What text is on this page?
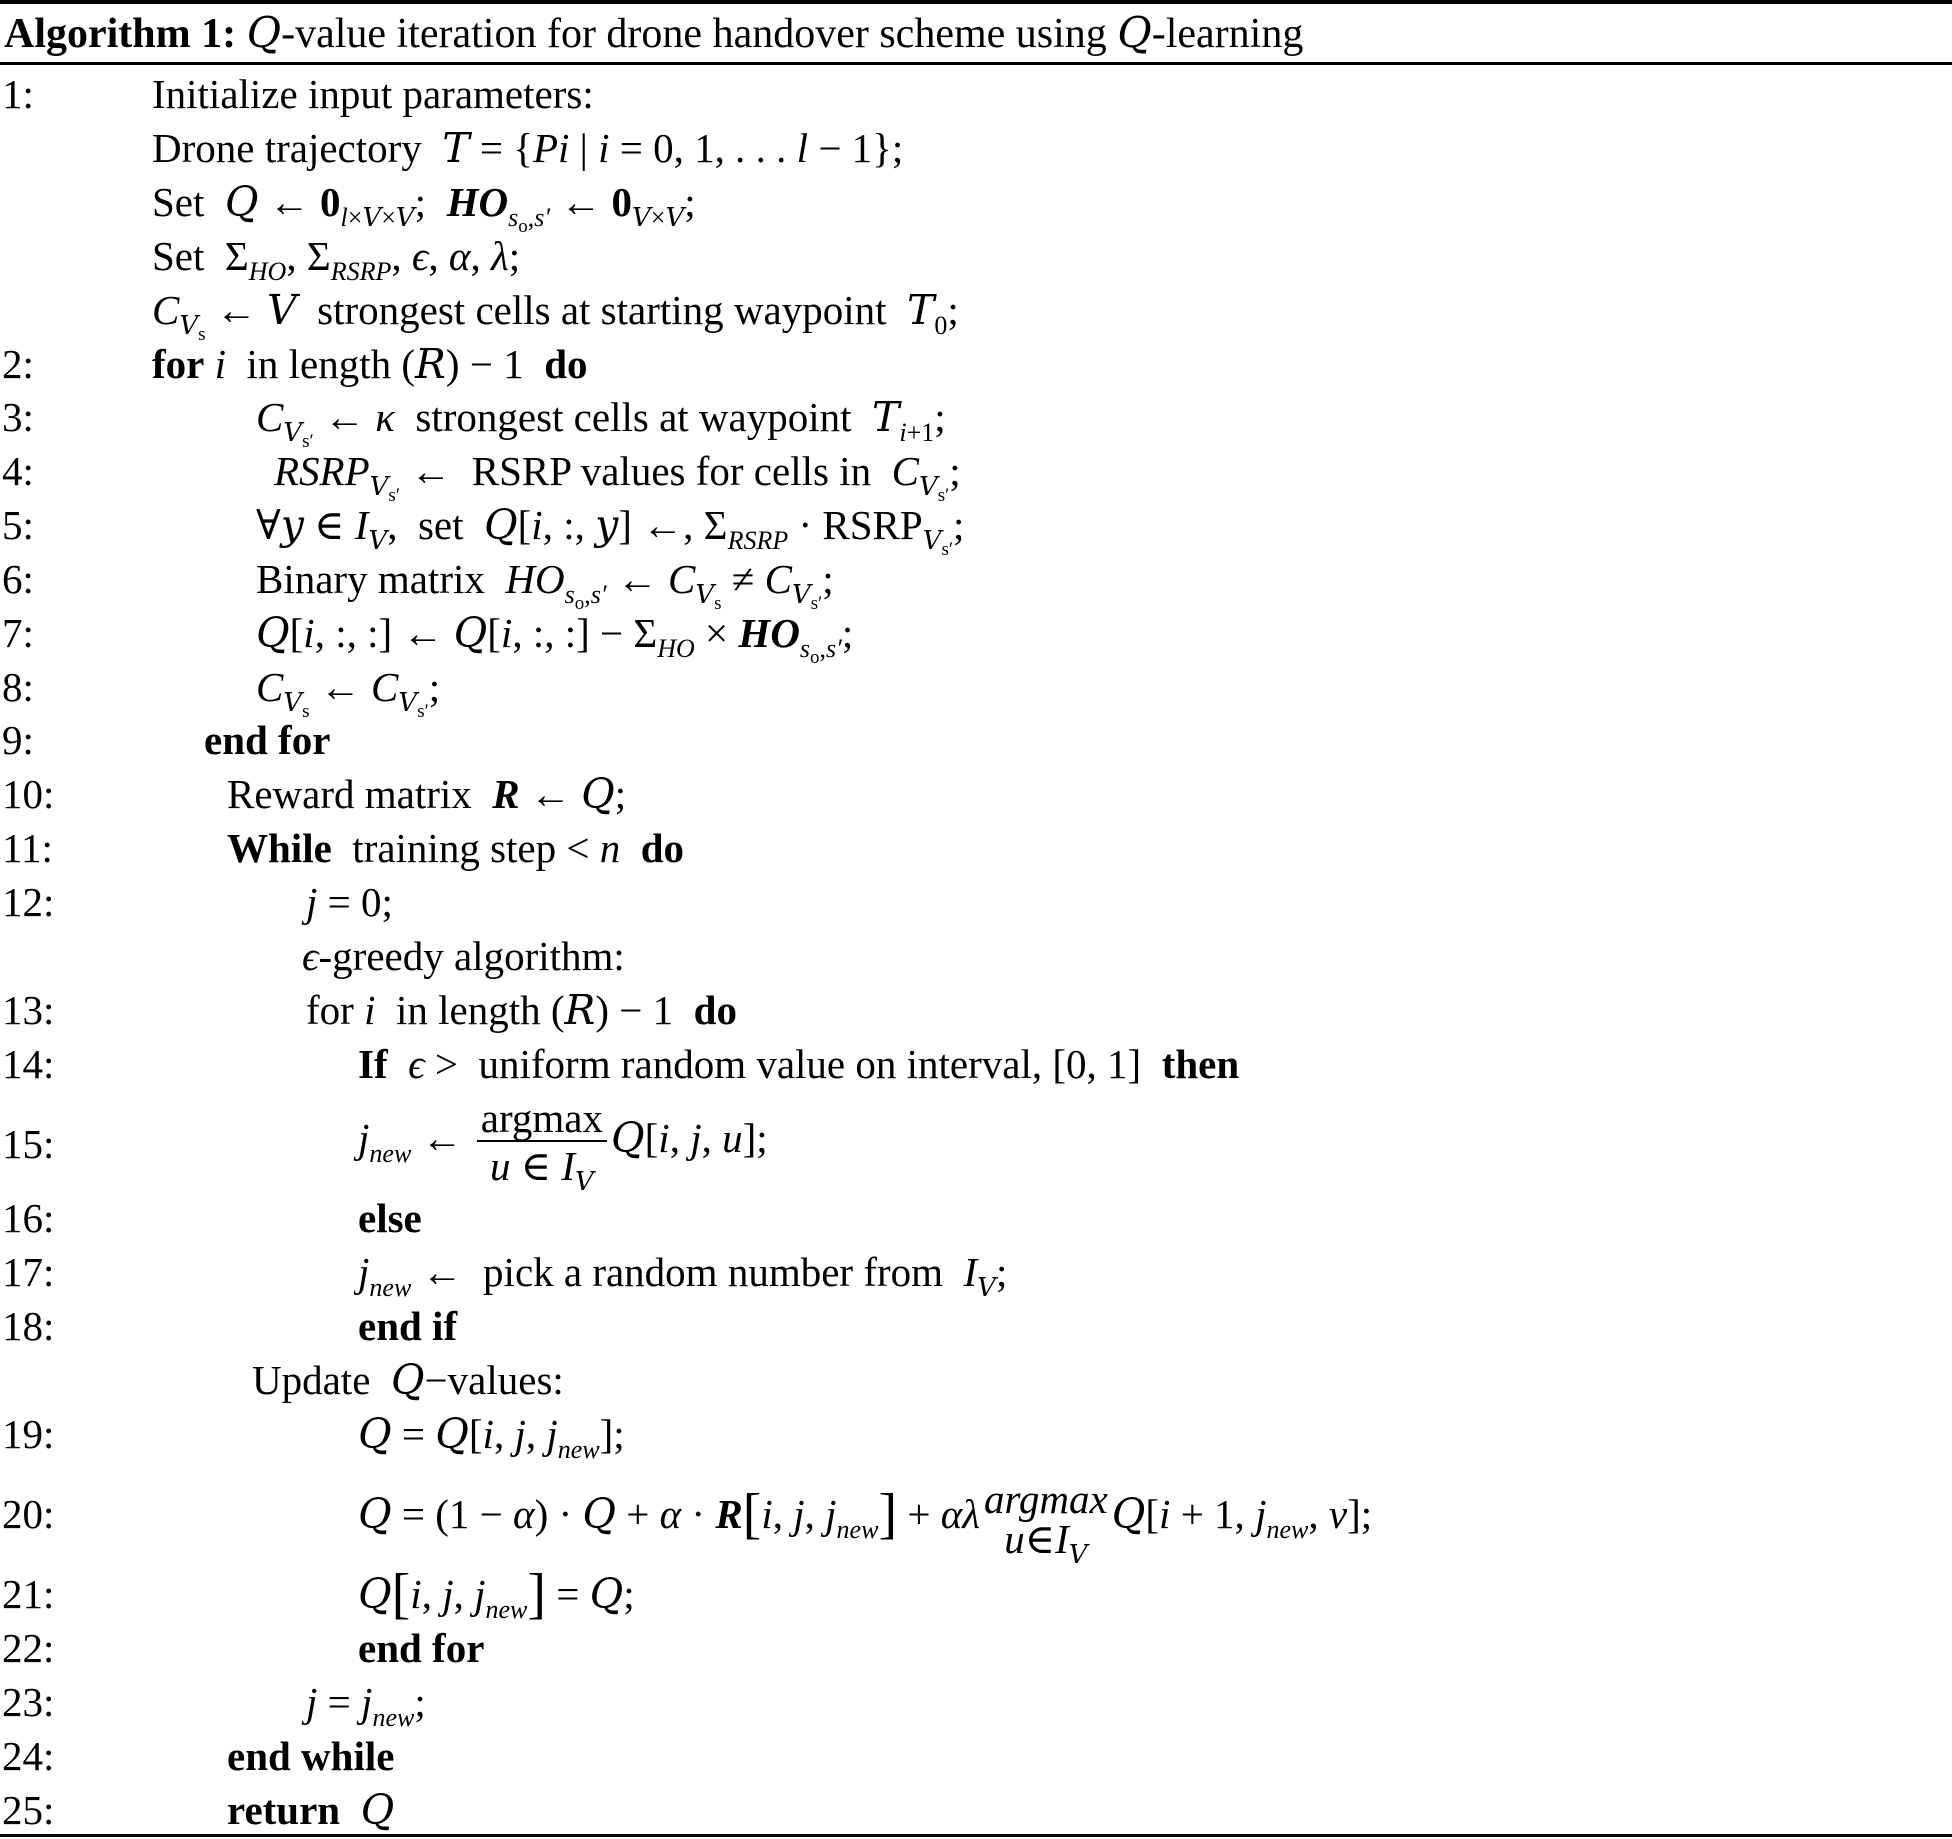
Algorithm 1: Q-value iteration for drone handover scheme using Q-learning
1:
2:
3:
4:
5:
6:
7:
8:
9:
10:
11:
12:
13:
14:
15:
16:
17:
18:
19:
20:
21:
22:
23:
24:
25:
Initialize input parameters:
Drone trajectory T = {Pi | i = 0, 1, . . . l − 1};
Set Q ← $0_{l\times V\times V}$;  $HO_{s_o,s'}$ ← $0_{V\times V}$;
Set  $\Sigma_{HO}$, $\Sigma_{RSRP}$, ϵ, α, λ;
$C_{V_s}$ ← V strongest cells at starting waypoint $T_0$;
for i in length (R) − 1  do
$C_{V_{s'}}$ ← κ strongest cells at waypoint $T_{i+1}$;
$RSRP_{V_{s'}}$ ←  RSRP values for cells in $C_{V_{s'}}$;
∀y ∈ $I_V$,  set Q[i, :, y] ←, $\Sigma_{RSRP}$ · $RSRP_{V_{s'}}$;
Binary matrix $HO_{s_o,s'}$ ← $C_{V_s} \ne C_{V_{s'}}$;
Q[i, :, :] ← Q[i, :, :] − $\Sigma_{HO} \times HO_{s_o,s'}$;
$C_{V_s}$ ← $C_{V_{s'}}$;
end for
Reward matrix R ← Q;
While training step < n do
j = 0;
ϵ-greedy algorithm:
for i in length (R) − 1  do
If ϵ >  uniform random value on interval, [0, 1] then
$j_{new}$ ← $\frac{\text{argmax}}{u \in I_V} Q[i$, j, u];
else
$j_{new}$ ←  pick a random number from $I_V$;
end if
Update Q−values:
Q = Q[i, j, $j_{new}$];
Q = (1 − α) · Q + α · R[i, j, $j_{new}] + \alpha\lambda$ argmax
$u\in I_V$
Q[i + 1, $j_{new}$, v];
Q[i, j, $j_{new}] = Q$;
end for
$j = j_{new}$;
end while
return Q
